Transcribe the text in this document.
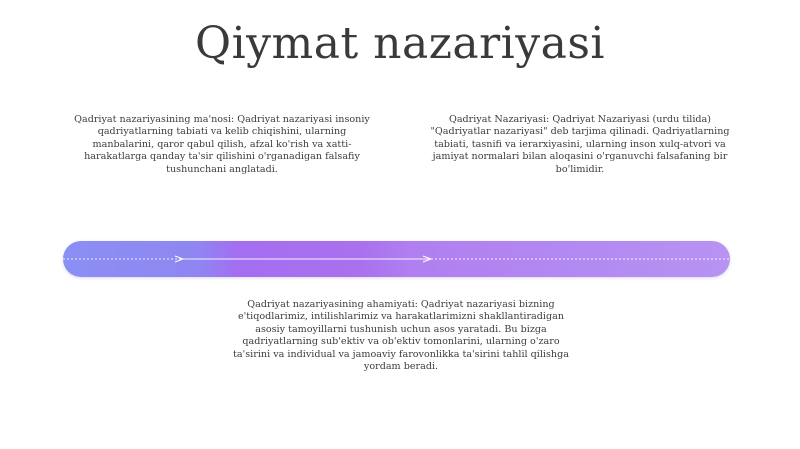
Qiymat nazariyasi
Qadriyat nazariyasining ma'nosi: Qadriyat nazariyasi insoniy qadriyatlarning tabiati va kelib chiqishini, ularning manbalarini, qaror qabul qilish, afzal ko'rish va xatti-harakatlarga qanday ta'sir qilishini o'rganadigan falsafiy tushunchani anglatadi.
Qadriyat Nazariyasi: Qadriyat Nazariyasi (urdu tilida) "Qadriyatlar nazariyasi" deb tarjima qilinadi. Qadriyatlarning tabiati, tasnifi va ierarxiyasini, ularning inson xulq-atvori va jamiyat normalari bilan aloqasini o'rganuvchi falsafaning bir bo'limidir.
Qadriyat nazariyasining ahamiyati: Qadriyat nazariyasi bizning e'tiqodlarimiz, intilishlarimiz va harakatlarimizni shakllantiradigan asosiy tamoyillarni tushunish uchun asos yaratadi. Bu bizga qadriyatlarning sub'ektiv va ob'ektiv tomonlarini, ularning o'zaro ta'sirini va individual va jamoaviy farovonlikka ta'sirini tahlil qilishga yordam beradi.
